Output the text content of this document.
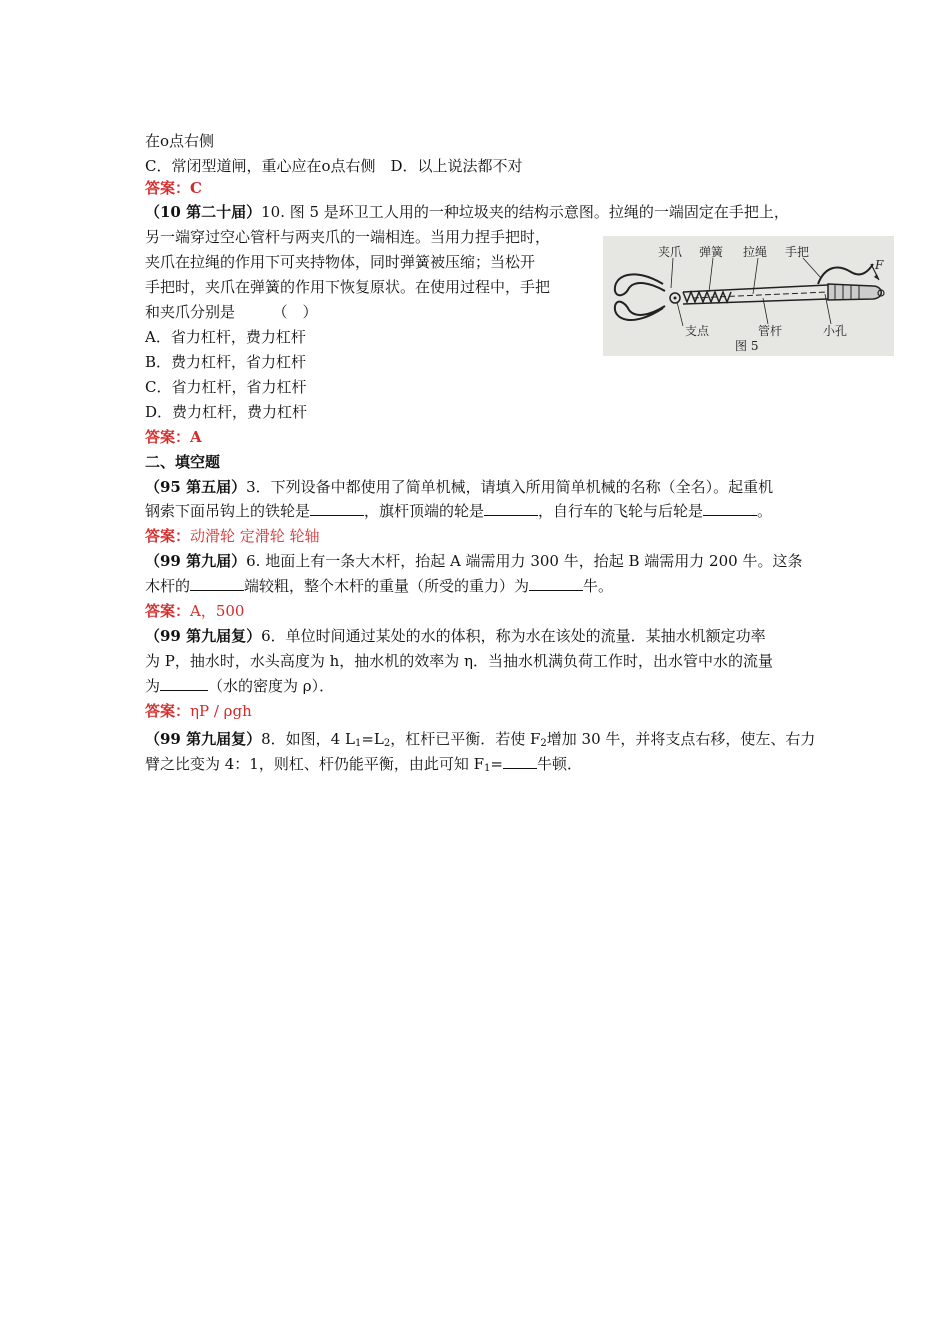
在o点右侧
C．常闭型道闸，重心应在o点右侧　D．以上说法都不对
答案：C
（10 第二十届）10. 图 5 是环卫工人用的一种垃圾夹的结构示意图。拉绳的一端固定在手把上，
另一端穿过空心管杆与两夹爪的一端相连。当用力捏手把时，
夹爪在拉绳的作用下可夹持物体，同时弹簧被压缩；当松开
手把时，夹爪在弹簧的作用下恢复原状。在使用过程中，手把
和夹爪分别是　　　（　）
A．省力杠杆，费力杠杆
B．费力杠杆，省力杠杆
C．省力杠杆，省力杠杆
D．费力杠杆，费力杠杆
答案：A
夹爪 弹簧 拉绳 手把
F
支点	管杆	小孔
图 5
二、填空题
（95 第五届）3．下列设备中都使用了简单机械，请填入所用简单机械的名称（全名）。起重机
钢索下面吊钩上的铁轮是	，旗杆顶端的轮是	，自行车的飞轮与后轮是	。
答案：动滑轮 定滑轮 轮轴
（99 第九届）6. 地面上有一条大木杆，抬起 A 端需用力 300 牛，抬起 B 端需用力 200 牛。这条
木杆的	端较粗，整个木杆的重量（所受的重力）为	牛。
答案：A，500
（99 第九届复）6．单位时间通过某处的水的体积，称为水在该处的流量．某抽水机额定功率
为 P，抽水时，水头高度为 h，抽水机的效率为 η．当抽水机满负荷工作时，出水管中水的流量
为	（水的密度为 ρ）．
答案：ηP / ρgh
（99 第九届复）8．如图，4 $L_1=L_2$，杠杆已平衡．若使 $F_2$增加 30 牛，并将支点右移，使左、右力
臂之比变为 4：1，则杠、杆仍能平衡，由此可知 $F_1=$ 牛顿．
